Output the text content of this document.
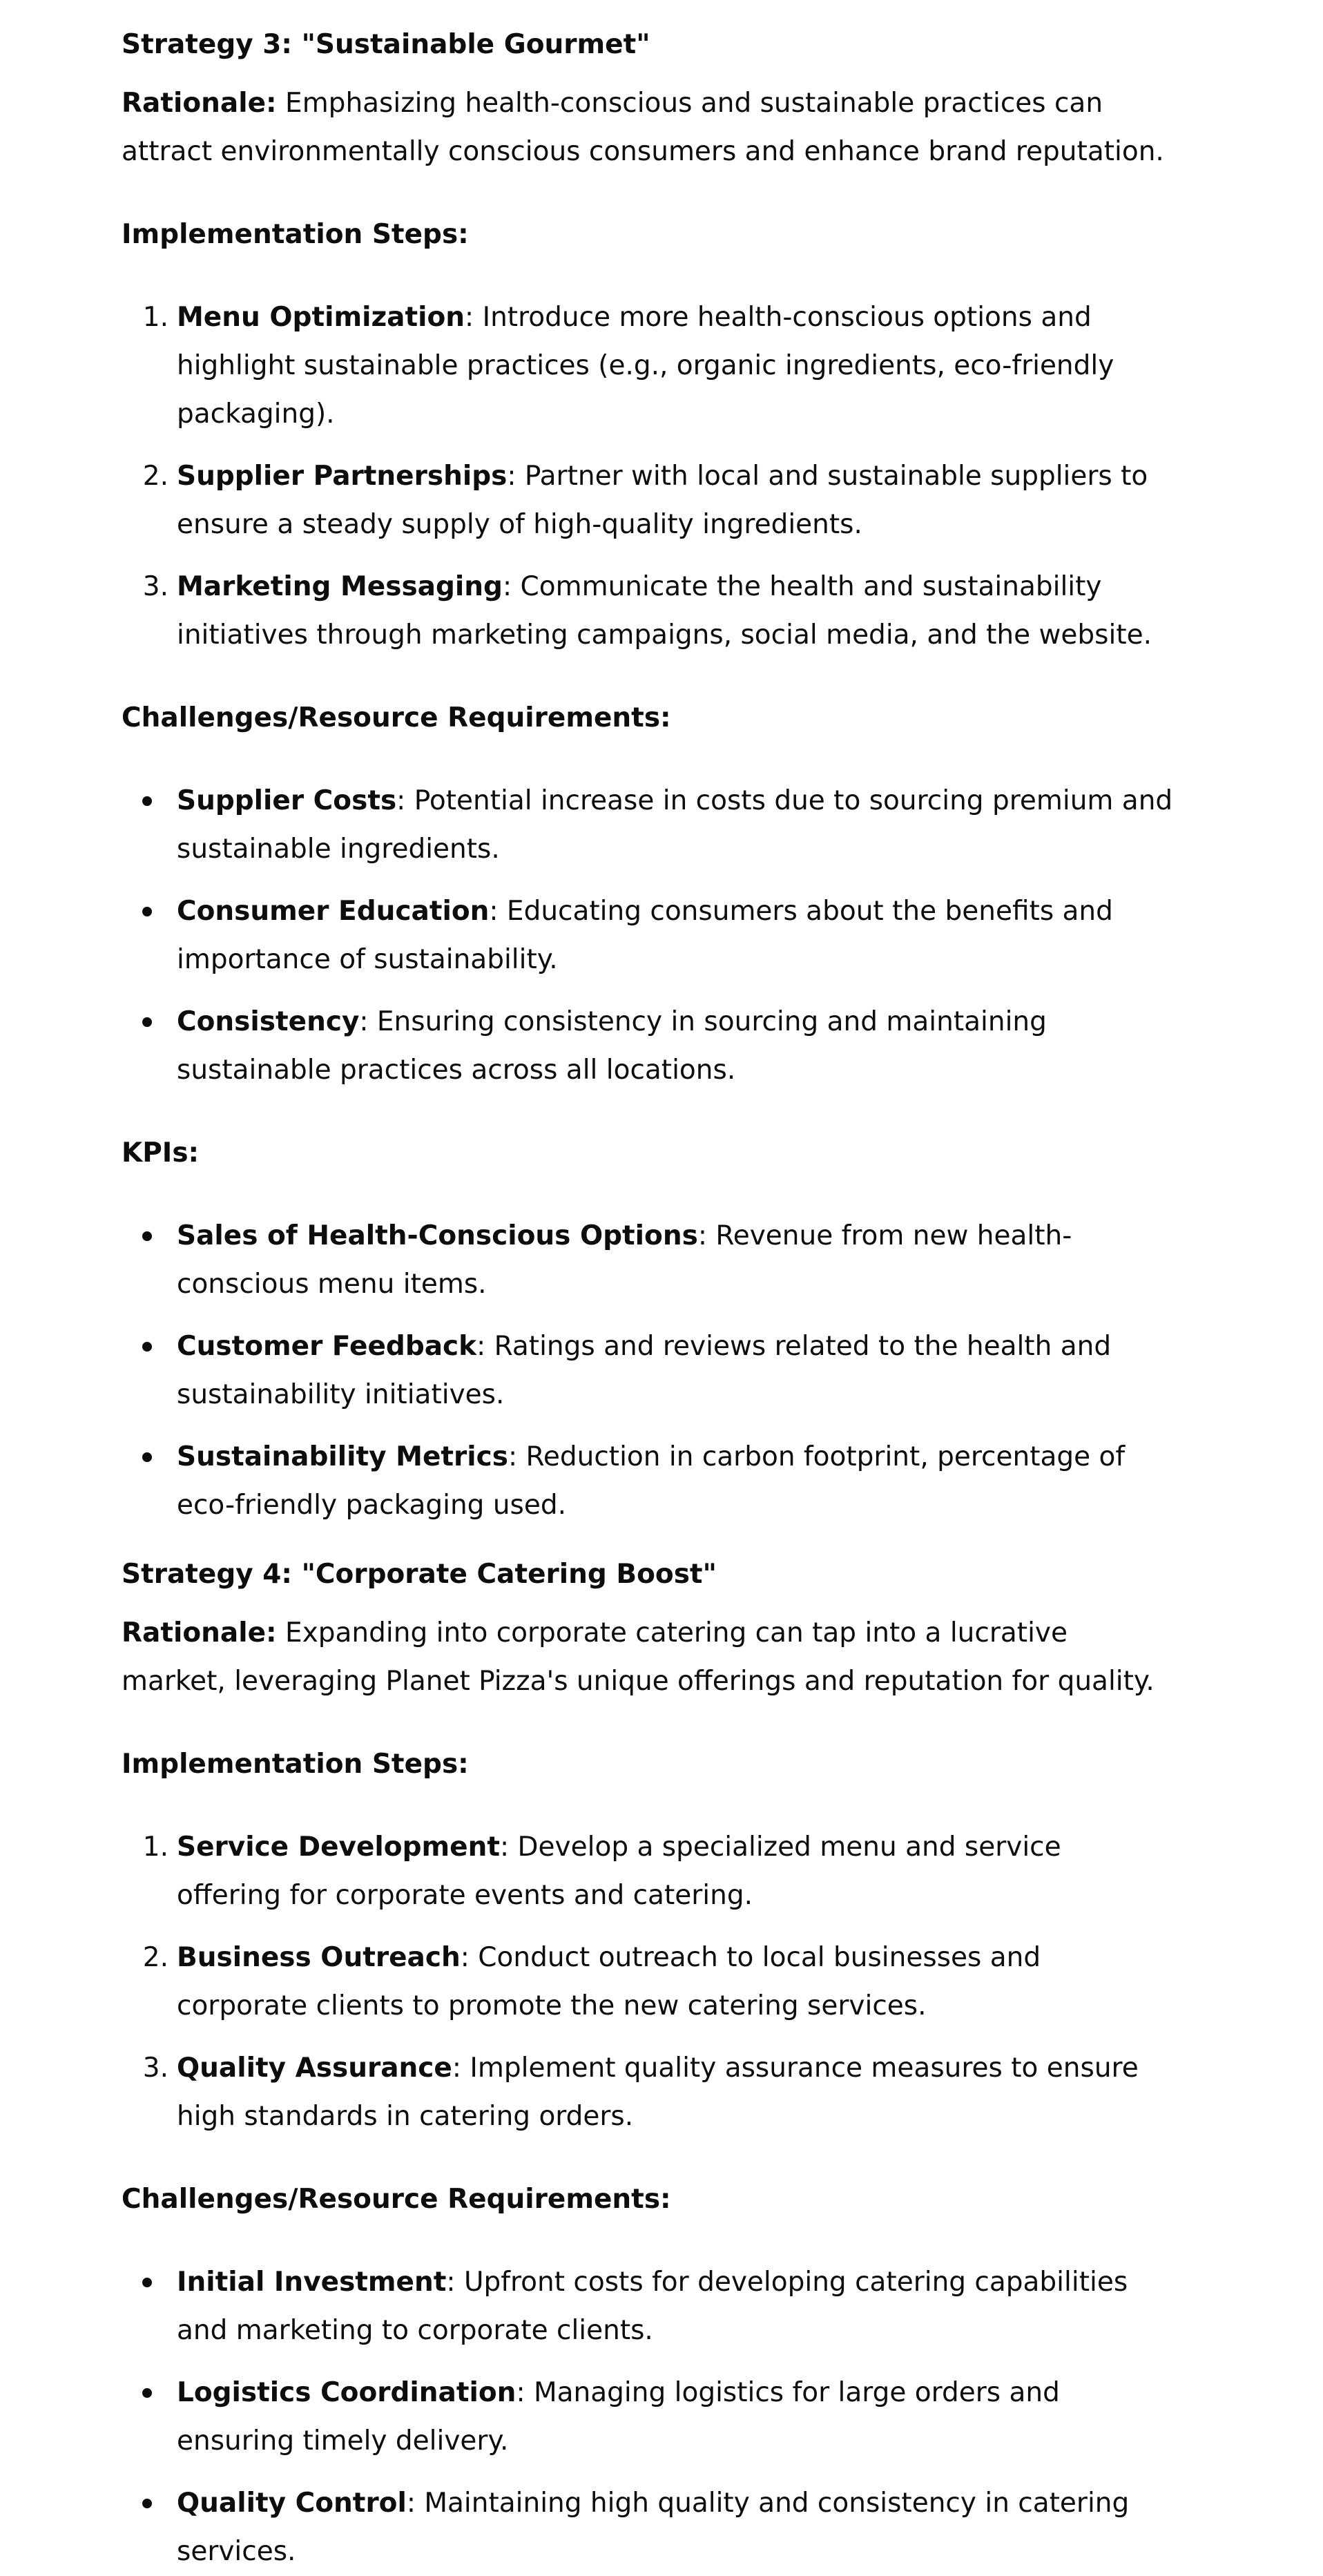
Strategy 3: "Sustainable Gourmet"

Rationale: Emphasizing health-conscious and sustainable practices can attract environmentally conscious consumers and enhance brand reputation.

Implementation Steps:

1. Menu Optimization: Introduce more health-conscious options and highlight sustainable practices (e.g., organic ingredients, eco-friendly packaging).
2. Supplier Partnerships: Partner with local and sustainable suppliers to ensure a steady supply of high-quality ingredients.
3. Marketing Messaging: Communicate the health and sustainability initiatives through marketing campaigns, social media, and the website.

Challenges/Resource Requirements:

Supplier Costs: Potential increase in costs due to sourcing premium and sustainable ingredients.
Consumer Education: Educating consumers about the benefits and importance of sustainability.
Consistency: Ensuring consistency in sourcing and maintaining sustainable practices across all locations.

KPIs:

Sales of Health-Conscious Options: Revenue from new health-conscious menu items.
Customer Feedback: Ratings and reviews related to the health and sustainability initiatives.
Sustainability Metrics: Reduction in carbon footprint, percentage of eco-friendly packaging used.

Strategy 4: "Corporate Catering Boost"

Rationale: Expanding into corporate catering can tap into a lucrative market, leveraging Planet Pizza's unique offerings and reputation for quality.

Implementation Steps:

1. Service Development: Develop a specialized menu and service offering for corporate events and catering.
2. Business Outreach: Conduct outreach to local businesses and corporate clients to promote the new catering services.
3. Quality Assurance: Implement quality assurance measures to ensure high standards in catering orders.

Challenges/Resource Requirements:

Initial Investment: Upfront costs for developing catering capabilities and marketing to corporate clients.
Logistics Coordination: Managing logistics for large orders and ensuring timely delivery.
Quality Control: Maintaining high quality and consistency in catering services.
